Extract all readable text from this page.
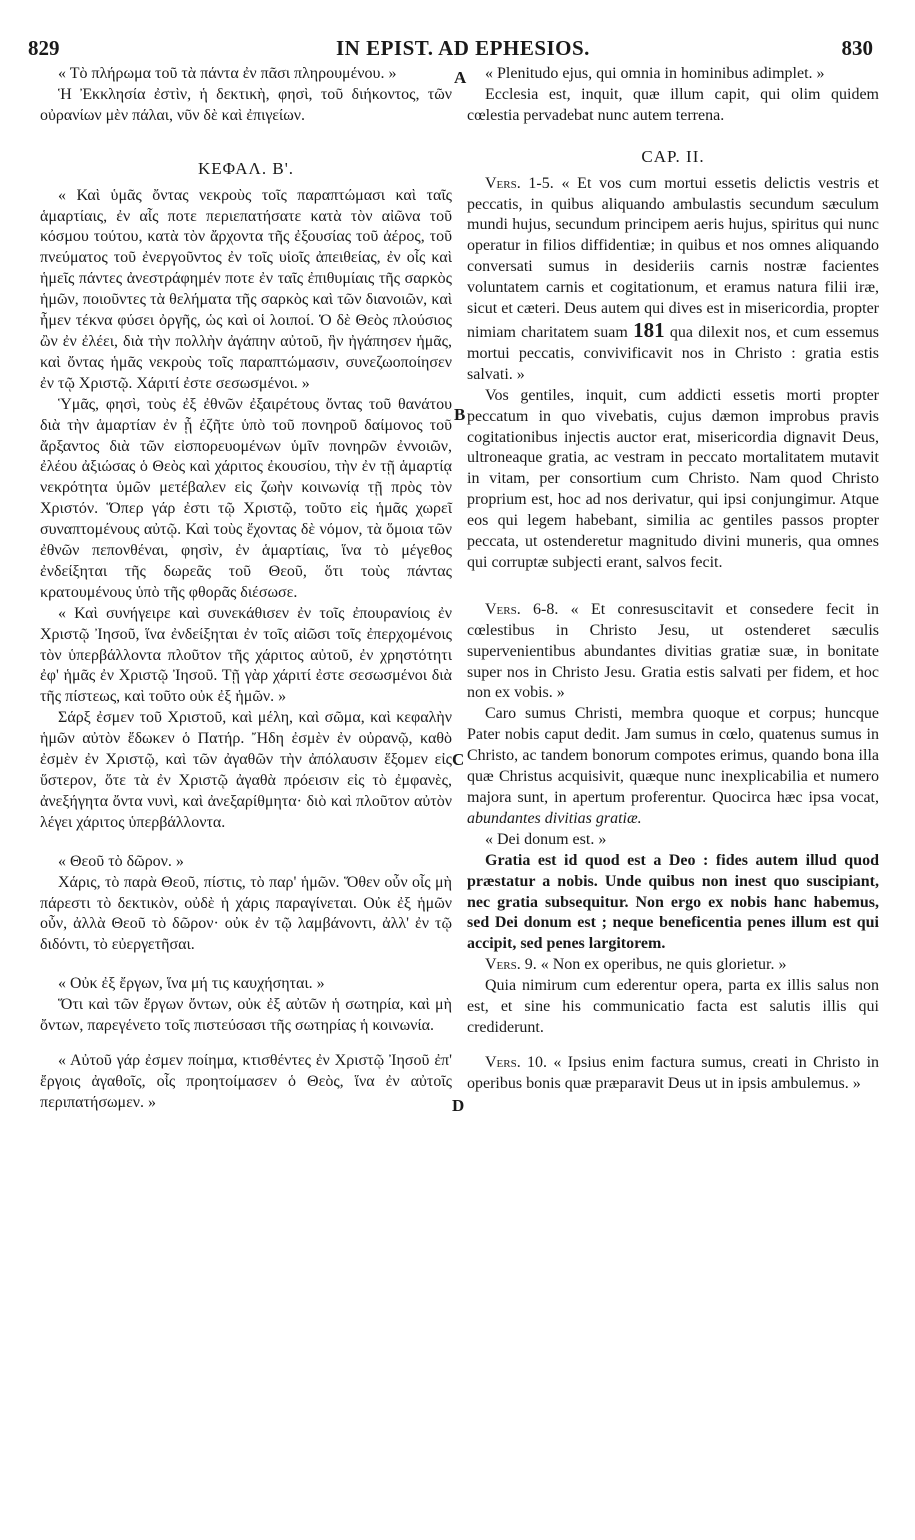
829	IN EPIST. AD EPHESIOS.	830

« Τὸ πλήρωμα τοῦ τὰ πάντα ἐν πᾶσι πληρουμένου. »

Ἡ Ἐκκλησία ἐστὶν, ἡ δεκτικὴ, φησὶ, τοῦ διήκοντος, τῶν οὐρανίων μὲν πάλαι, νῦν δὲ καὶ ἐπιγείων.

ΚΕΦΑΛ. Β'.

« Καὶ ὑμᾶς ὄντας νεκροὺς τοῖς παραπτώμασι καὶ ταῖς ἁμαρτίαις, ἐν αἷς ποτε περιεπατήσατε κατὰ τὸν αἰῶνα τοῦ κόσμου τούτου, κατὰ τὸν ἄρχοντα τῆς ἐξουσίας τοῦ ἀέρος, τοῦ πνεύματος τοῦ ἐνεργοῦντος ἐν τοῖς υἱοῖς ἀπειθείας, ἐν οἷς καὶ ἡμεῖς πάντες ἀνεστράφημέν ποτε ἐν ταῖς ἐπιθυμίαις τῆς σαρκὸς ἡμῶν, ποιοῦντες τὰ θελήματα τῆς σαρκὸς καὶ τῶν διανοιῶν, καὶ ἦμεν τέκνα φύσει ὀργῆς, ὡς καὶ οἱ λοιποί. Ὁ δὲ Θεὸς πλούσιος ὢν ἐν ἐλέει, διὰ τὴν πολλὴν ἀγάπην αὐτοῦ, ἣν ἠγάπησεν ἡμᾶς, καὶ ὄντας ἡμᾶς νεκροὺς τοῖς παραπτώμασιν, συνεζωοποίησεν ἐν τῷ Χριστῷ. Χάριτί ἐστε σεσωσμένοι. »

Ὑμᾶς, φησὶ, τοὺς ἐξ ἐθνῶν ἐξαιρέτους ὄντας τοῦ θανάτου διὰ τὴν ἁμαρτίαν ἐν ᾗ ἐζῆτε ὑπὸ τοῦ πονηροῦ δαίμονος τοῦ ἄρξαντος διὰ τῶν εἰσπορευομένων ὑμῖν πονηρῶν ἐννοιῶν, ἐλέου ἀξιώσας ὁ Θεὸς καὶ χάριτος ἐκουσίου, τὴν ἐν τῇ ἁμαρτίᾳ νεκρότητα ὑμῶν μετέβαλεν εἰς ζωὴν κοινωνίᾳ τῇ πρὸς τὸν Χριστόν. Ὅπερ γάρ ἐστι τῷ Χριστῷ, τοῦτο εἰς ἡμᾶς χωρεῖ συναπτομένους αὐτῷ. Καὶ τοὺς ἔχοντας δὲ νόμον, τὰ ὅμοια τῶν ἐθνῶν πεπονθέναι, φησὶν, ἐν ἁμαρτίαις, ἵνα τὸ μέγεθος ἐνδείξηται τῆς δωρεᾶς τοῦ Θεοῦ, ὅτι τοὺς πάντας κρατουμένους ὑπὸ τῆς φθορᾶς διέσωσε.

« Καὶ συνήγειρε καὶ συνεκάθισεν ἐν τοῖς ἐπουρανίοις ἐν Χριστῷ Ἰησοῦ, ἵνα ἐνδείξηται ἐν τοῖς αἰῶσι τοῖς ἐπερχομένοις τὸν ὑπερβάλλοντα πλοῦτον τῆς χάριτος αὐτοῦ, ἐν χρηστότητι ἐφ' ἡμᾶς ἐν Χριστῷ Ἰησοῦ. Τῇ γὰρ χάριτί ἐστε σεσωσμένοι διὰ τῆς πίστεως, καὶ τοῦτο οὐκ ἐξ ἡμῶν. »

Σάρξ ἐσμεν τοῦ Χριστοῦ, καὶ μέλη, καὶ σῶμα, καὶ κεφαλὴν ἡμῶν αὐτὸν ἔδωκεν ὁ Πατήρ. Ἤδη ἐσμὲν ἐν οὐρανῷ, καθὸ ἐσμὲν ἐν Χριστῷ, καὶ τῶν ἀγαθῶν τὴν ἀπόλαυσιν ἕξομεν εἰς ὕστερον, ὅτε τὰ ἐν Χριστῷ ἀγαθὰ πρόεισιν εἰς τὸ ἐμφανὲς, ἀνεξήγητα ὄντα νυνὶ, καὶ ἀνεξαρίθμητα· διὸ καὶ πλοῦτον αὐτὸν λέγει χάριτος ὑπερβάλλοντα.

« Θεοῦ τὸ δῶρον. »

Χάρις, τὸ παρὰ Θεοῦ, πίστις, τὸ παρ' ἡμῶν. Ὅθεν οὖν οἷς μὴ πάρεστι τὸ δεκτικὸν, οὐδὲ ἡ χάρις παραγίνεται. Οὐκ ἐξ ἡμῶν οὖν, ἀλλὰ Θεοῦ τὸ δῶρον· οὐκ ἐν τῷ λαμβάνοντι, ἀλλ' ἐν τῷ διδόντι, τὸ εὐεργετῆσαι.

« Οὐκ ἐξ ἔργων, ἵνα μή τις καυχήσηται. »

Ὅτι καὶ τῶν ἔργων ὄντων, οὐκ ἐξ αὐτῶν ἡ σωτηρία, καὶ μὴ ὄντων, παρεγένετο τοῖς πιστεύσασι τῆς σωτηρίας ἡ κοινωνία.

« Αὐτοῦ γάρ ἐσμεν ποίημα, κτισθέντες ἐν Χριστῷ Ἰησοῦ ἐπ' ἔργοις ἀγαθοῖς, οἷς προητοίμασεν ὁ Θεὸς, ἵνα ἐν αὐτοῖς περιπατήσωμεν. »

« Plenitudo ejus, qui omnia in hominibus adimplet. »

Ecclesia est, inquit, quæ illum capit, qui olim quidem cœlestia pervadebat nunc autem terrena.

CAP. II.

Vers. 1-5. « Et vos cum mortui essetis delictis vestris et peccatis, in quibus aliquando ambulastis secundum sæculum mundi hujus, secundum principem aeris hujus, spiritus qui nunc operatur in filios diffidentiæ; in quibus et nos omnes aliquando conversati sumus in desideriis carnis nostræ facientes voluntatem carnis et cogitationum, et eramus natura filii iræ, sicut et cæteri. Deus autem qui dives est in misericordia, propter nimiam charitatem suam 181 qua dilexit nos, et cum essemus mortui peccatis, convivificavit nos in Christo : gratia estis salvati. »

Vos gentiles, inquit, cum addicti essetis morti propter peccatum in quo vivebatis, cujus dæmon improbus pravis cogitationibus injectis auctor erat, misericordia dignavit Deus, ultroneaque gratia, ac vestram in peccato mortalitatem mutavit in vitam, per consortium cum Christo. Nam quod Christo proprium est, hoc ad nos derivatur, qui ipsi conjungimur. Atque eos qui legem habebant, similia ac gentiles passos propter peccata, ut ostenderetur magnitudo divini muneris, qua omnes qui corruptæ subjecti erant, salvos fecit.

Vers. 6-8. « Et conresuscitavit et consedere fecit in cœlestibus in Christo Jesu, ut ostenderet sæculis supervenientibus abundantes divitias gratiæ suæ, in bonitate super nos in Christo Jesu. Gratia estis salvati per fidem, et hoc non ex vobis. »

Caro sumus Christi, membra quoque et corpus; huncque Pater nobis caput dedit. Jam sumus in cœlo, quatenus sumus in Christo, ac tandem bonorum compotes erimus, quando bona illa quæ Christus acquisivit, quæque nunc inexplicabilia et numero majora sunt, in apertum proferentur. Quocirca hæc ipsa vocat, abundantes divitias gratiæ.

« Dei donum est. »

Gratia est id quod est a Deo : fides autem illud quod præstatur a nobis. Unde quibus non inest quo suscipiant, nec gratia subsequitur. Non ergo ex nobis hanc habemus, sed Dei donum est ; neque beneficentia penes illum est qui accipit, sed penes largitorem.

Vers. 9. « Non ex operibus, ne quis glorietur. »

Quia nimirum cum ederentur opera, parta ex illis salus non est, et sine his communicatio facta est salutis illis qui crediderunt.

Vers. 10. « Ipsius enim factura sumus, creati in Christo in operibus bonis quæ præparavit Deus ut in ipsis ambulemus. »

A
B
C
D
